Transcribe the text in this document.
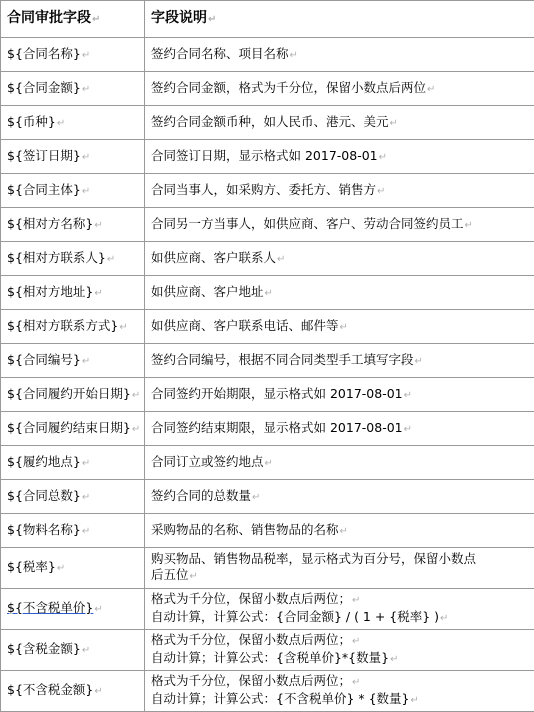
合同审批字段↵	字段说明↵
${合同名称}↵	签约合同名称、项目名称↵
${合同金额}↵	签约合同金额，格式为千分位，保留小数点后两位↵
${币种}↵	签约合同金额币种，如人民币、港元、美元↵
${签订日期}↵	合同签订日期，显示格式如 2017-08-01↵
${合同主体}↵	合同当事人，如采购方、委托方、销售方↵
${相对方名称}↵	合同另一方当事人，如供应商、客户、劳动合同签约员工↵
${相对方联系人}↵	如供应商、客户联系人↵
${相对方地址}↵	如供应商、客户地址↵
${相对方联系方式}↵	如供应商、客户联系电话、邮件等↵
${合同编号}↵	签约合同编号，根据不同合同类型手工填写字段↵
${合同履约开始日期}↵	合同签约开始期限，显示格式如 2017-08-01↵
${合同履约结束日期}↵	合同签约结束期限，显示格式如 2017-08-01↵
${履约地点}↵	合同订立或签约地点↵
${合同总数}↵	签约合同的总数量↵
${物料名称}↵	采购物品的名称、销售物品的名称↵
${税率}↵	购买物品、销售物品税率，显示格式为百分号，保留小数点
后五位↵

${不含税单价}↵	格式为千分位，保留小数点后两位；↵
自动计算，计算公式：{合同金额} / ( 1 + {税率} )↵

${含税金额}↵	格式为千分位，保留小数点后两位；↵
自动计算；计算公式：{含税单价}*{数量}↵

${不含税金额}↵	格式为千分位，保留小数点后两位；↵
自动计算；计算公式：{不含税单价} * {数量}↵
